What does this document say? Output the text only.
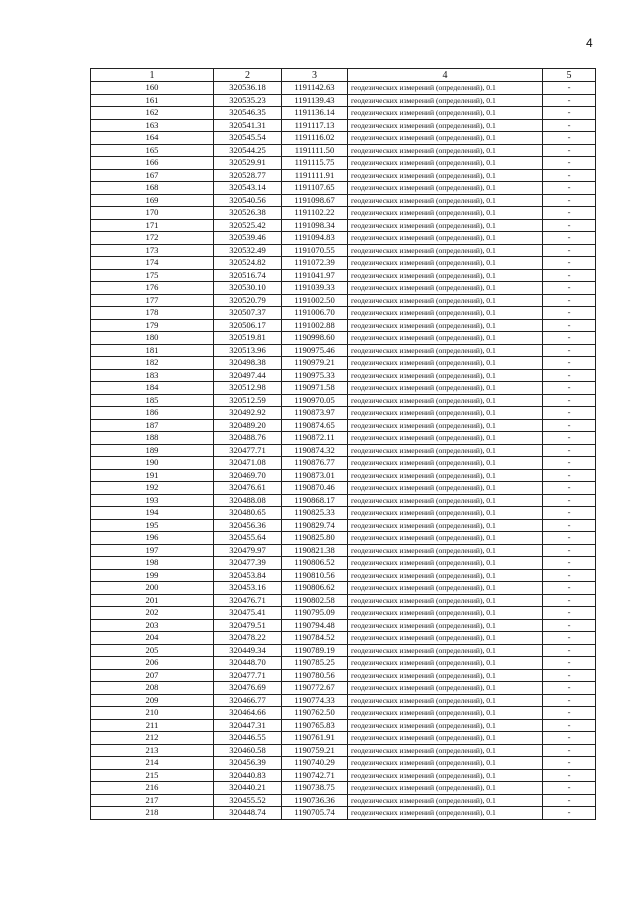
4
1	2	3	4	5
160	320536.18	1191142.63	геодезических измерений (определений), 0.1	-
161	320535.23	1191139.43	геодезических измерений (определений), 0.1	-
162	320546.35	1191136.14	геодезических измерений (определений), 0.1	-
163	320541.31	1191117.13	геодезических измерений (определений), 0.1	-
164	320545.54	1191116.02	геодезических измерений (определений), 0.1	-
165	320544.25	1191111.50	геодезических измерений (определений), 0.1	-
166	320529.91	1191115.75	геодезических измерений (определений), 0.1	-
167	320528.77	1191111.91	геодезических измерений (определений), 0.1	-
168	320543.14	1191107.65	геодезических измерений (определений), 0.1	-
169	320540.56	1191098.67	геодезических измерений (определений), 0.1	-
170	320526.38	1191102.22	геодезических измерений (определений), 0.1	-
171	320525.42	1191098.34	геодезических измерений (определений), 0.1	-
172	320539.46	1191094.83	геодезических измерений (определений), 0.1	-
173	320532.49	1191070.55	геодезических измерений (определений), 0.1	-
174	320524.82	1191072.39	геодезических измерений (определений), 0.1	-
175	320516.74	1191041.97	геодезических измерений (определений), 0.1	-
176	320530.10	1191039.33	геодезических измерений (определений), 0.1	-
177	320520.79	1191002.50	геодезических измерений (определений), 0.1	-
178	320507.37	1191006.70	геодезических измерений (определений), 0.1	-
179	320506.17	1191002.88	геодезических измерений (определений), 0.1	-
180	320519.81	1190998.60	геодезических измерений (определений), 0.1	-
181	320513.96	1190975.46	геодезических измерений (определений), 0.1	-
182	320498.38	1190979.21	геодезических измерений (определений), 0.1	-
183	320497.44	1190975.33	геодезических измерений (определений), 0.1	-
184	320512.98	1190971.58	геодезических измерений (определений), 0.1	-
185	320512.59	1190970.05	геодезических измерений (определений), 0.1	-
186	320492.92	1190873.97	геодезических измерений (определений), 0.1	-
187	320489.20	1190874.65	геодезических измерений (определений), 0.1	-
188	320488.76	1190872.11	геодезических измерений (определений), 0.1	-
189	320477.71	1190874.32	геодезических измерений (определений), 0.1	-
190	320471.08	1190876.77	геодезических измерений (определений), 0.1	-
191	320469.70	1190873.01	геодезических измерений (определений), 0.1	-
192	320476.61	1190870.46	геодезических измерений (определений), 0.1	-
193	320488.08	1190868.17	геодезических измерений (определений), 0.1	-
194	320480.65	1190825.33	геодезических измерений (определений), 0.1	-
195	320456.36	1190829.74	геодезических измерений (определений), 0.1	-
196	320455.64	1190825.80	геодезических измерений (определений), 0.1	-
197	320479.97	1190821.38	геодезических измерений (определений), 0.1	-
198	320477.39	1190806.52	геодезических измерений (определений), 0.1	-
199	320453.84	1190810.56	геодезических измерений (определений), 0.1	-
200	320453.16	1190806.62	геодезических измерений (определений), 0.1	-
201	320476.71	1190802.58	геодезических измерений (определений), 0.1	-
202	320475.41	1190795.09	геодезических измерений (определений), 0.1	-
203	320479.51	1190794.48	геодезических измерений (определений), 0.1	-
204	320478.22	1190784.52	геодезических измерений (определений), 0.1	-
205	320449.34	1190789.19	геодезических измерений (определений), 0.1	-
206	320448.70	1190785.25	геодезических измерений (определений), 0.1	-
207	320477.71	1190780.56	геодезических измерений (определений), 0.1	-
208	320476.69	1190772.67	геодезических измерений (определений), 0.1	-
209	320466.77	1190774.33	геодезических измерений (определений), 0.1	-
210	320464.66	1190762.50	геодезических измерений (определений), 0.1	-
211	320447.31	1190765.83	геодезических измерений (определений), 0.1	-
212	320446.55	1190761.91	геодезических измерений (определений), 0.1	-
213	320460.58	1190759.21	геодезических измерений (определений), 0.1	-
214	320456.39	1190740.29	геодезических измерений (определений), 0.1	-
215	320440.83	1190742.71	геодезических измерений (определений), 0.1	-
216	320440.21	1190738.75	геодезических измерений (определений), 0.1	-
217	320455.52	1190736.36	геодезических измерений (определений), 0.1	-
218	320448.74	1190705.74	геодезических измерений (определений), 0.1	-
